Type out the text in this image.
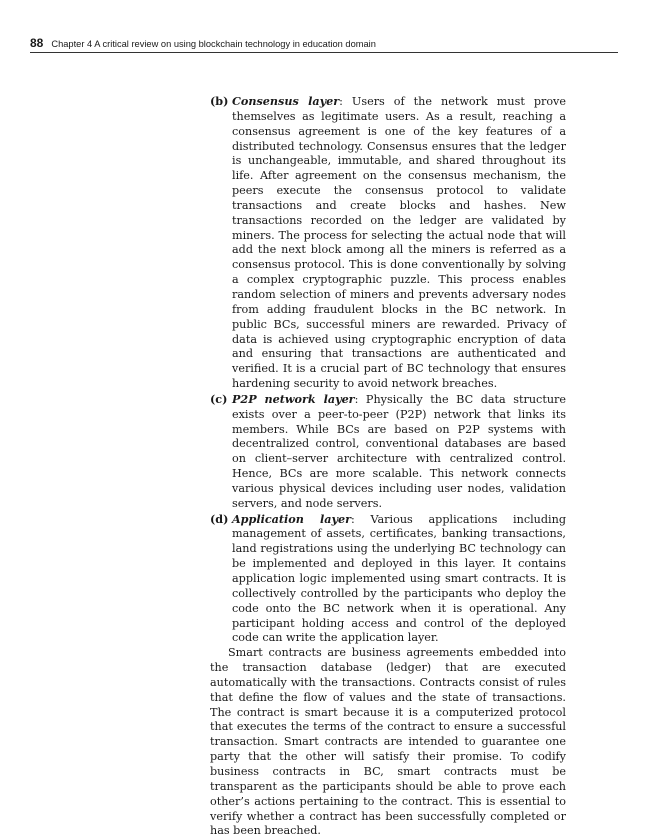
88 Chapter 4 A critical review on using blockchain technology in education domain
(b) Consensus layer: Users of the network must prove themselves as legitimate users. As a result, reaching a consensus agreement is one of the key features of a distributed technology. Consensus ensures that the ledger is unchangeable, immutable, and shared throughout its life. After agreement on the consensus mechanism, the peers execute the consensus protocol to validate transactions and create blocks and hashes. New transactions recorded on the ledger are validated by miners. The process for selecting the actual node that will add the next block among all the miners is referred as a consensus protocol. This is done conventionally by solving a complex cryptographic puzzle. This process enables random selection of miners and prevents adversary nodes from adding fraudulent blocks in the BC network. In public BCs, successful miners are rewarded. Privacy of data is achieved using cryptographic encryption of data and ensuring that transactions are authenticated and verified. It is a crucial part of BC technology that ensures hardening security to avoid network breaches.
(c) P2P network layer: Physically the BC data structure exists over a peer-to-peer (P2P) network that links its members. While BCs are based on P2P systems with decentralized control, conventional databases are based on client–server architecture with centralized control. Hence, BCs are more scalable. This network connects various physical devices including user nodes, validation servers, and node servers.
(d) Application layer: Various applications including management of assets, certificates, banking transactions, land registrations using the underlying BC technology can be implemented and deployed in this layer. It contains application logic implemented using smart contracts. It is collectively controlled by the participants who deploy the code onto the BC network when it is operational. Any participant holding access and control of the deployed code can write the application layer.
Smart contracts are business agreements embedded into the transaction database (ledger) that are executed automatically with the transactions. Contracts consist of rules that define the flow of values and the state of transactions. The contract is smart because it is a computerized protocol that executes the terms of the contract to ensure a successful transaction. Smart contracts are intended to guarantee one party that the other will satisfy their promise. To codify business contracts in BC, smart contracts must be transparent as the participants should be able to prove each other’s actions pertaining to the contract. This is essential to verify whether a contract has been successfully completed or has been breached.
